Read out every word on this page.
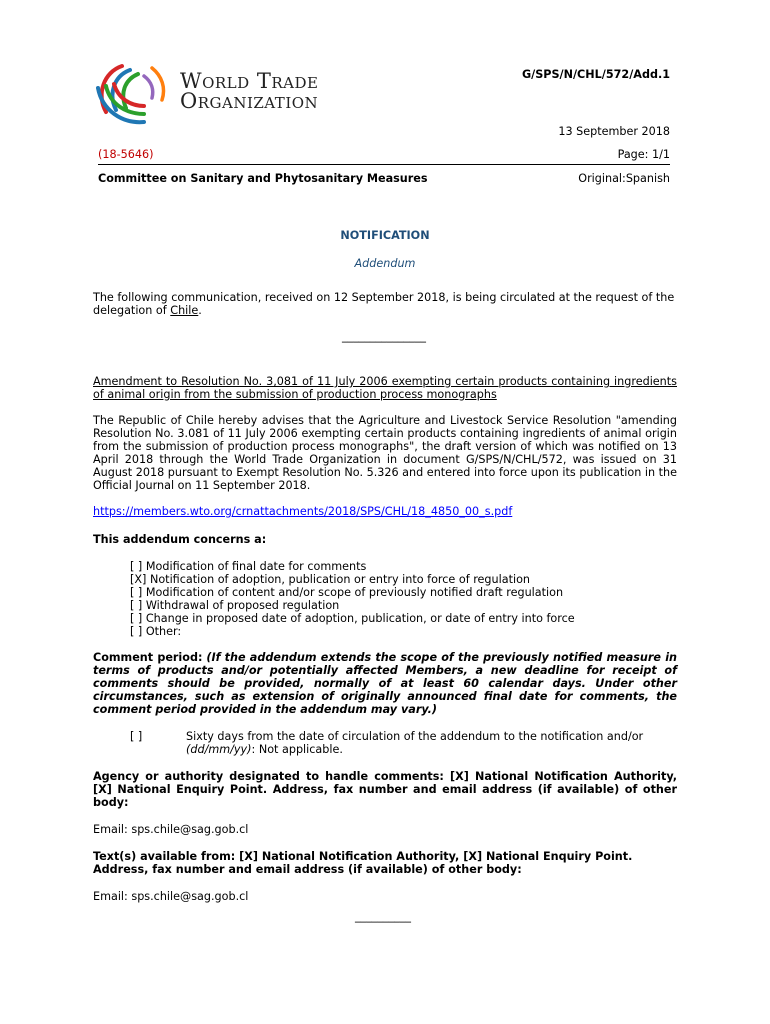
World Trade
Organization
G/SPS/N/CHL/572/Add.1
13 September 2018
(18-5646)	Page: 1/1
Committee on Sanitary and Phytosanitary Measures	Original:Spanish
NOTIFICATION
Addendum
The following communication, received on 12 September 2018, is being circulated at the request of the delegation of Chile.
_______________
Amendment to Resolution No. 3,081 of 11 July 2006 exempting certain products containing ingredients of animal origin from the submission of production process monographs
The Republic of Chile hereby advises that the Agriculture and Livestock Service Resolution "amending Resolution No. 3.081 of 11 July 2006 exempting certain products containing ingredients of animal origin from the submission of production process monographs", the draft version of which was notified on 13 April 2018 through the World Trade Organization in document G/SPS/N/CHL/572, was issued on 31 August 2018 pursuant to Exempt Resolution No. 5.326 and entered into force upon its publication in the Official Journal on 11 September 2018.
https://members.wto.org/crnattachments/2018/SPS/CHL/18_4850_00_s.pdf
This addendum concerns a:
[ ] Modification of final date for comments
[X] Notification of adoption, publication or entry into force of regulation
[ ] Modification of content and/or scope of previously notified draft regulation
[ ] Withdrawal of proposed regulation
[ ] Change in proposed date of adoption, publication, or date of entry into force
[ ] Other:
Comment period: (If the addendum extends the scope of the previously notified measure in terms of products and/or potentially affected Members, a new deadline for receipt of comments should be provided, normally of at least 60 calendar days. Under other circumstances, such as extension of originally announced final date for comments, the comment period provided in the addendum may vary.)
[ ]	Sixty days from the date of circulation of the addendum to the notification and/or
(dd/mm/yy): Not applicable.
Agency or authority designated to handle comments: [X] National Notification Authority, [X] National Enquiry Point. Address, fax number and email address (if available) of other body:
Email: sps.chile@sag.gob.cl
Text(s) available from: [X] National Notification Authority, [X] National Enquiry Point. Address, fax number and email address (if available) of other body:
Email: sps.chile@sag.gob.cl
__________
